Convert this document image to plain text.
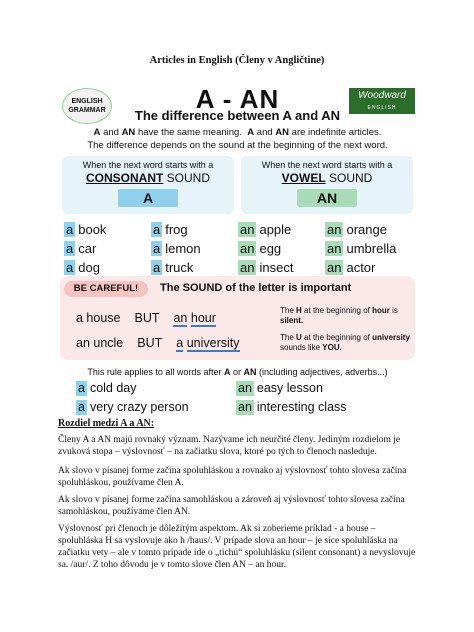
Articles in English (Členy v Angličtine)
A - AN
ENGLISH GRAMMAR
Woodward
ENGLISH
The difference between A and AN
A and AN have the same meaning. A and AN are indefinite articles.
The difference depends on the sound at the beginning of the next word.
When the next word starts with a
CONSONANT SOUND
A
When the next word starts with a
VOWEL SOUND
AN
a book	a frog	an apple	an orange
a car	a lemon	an egg	an umbrella
a dog	a truck	an insect	an actor
BE CAREFUL!	The SOUND of the letter is important
a house BUT an hour
an uncle BUT a university
The H at the beginning of hour is silent.
The U at the beginning of university sounds like YOU.
This rule applies to all words after A or AN (including adjectives, adverbs...)
a cold day	an easy lesson
a very crazy person	an interesting class
Rozdiel medzi A a AN:

Členy A a AN majú rovnaký význam. Nazývame ich neurčité členy. Jediným rozdielom je zvuková stopa – výslovnosť – na začiatku slova, ktoré po tých to členoch nasleduje.

Ak slovo v písanej forme začína spoluhláskou a rovnako aj výslovnosť tohto slovesa začína spoluhláskou, používame člen A.

Ak slovo v písanej forme začína samohláskou a zároveň aj výslovnosť tohto slovesa začína samohláskou, používame člen AN.

Výslovnosť pri členoch je dôležitým aspektom. Ak si zoberieme príklad - a house – spoluhláska H sa vyslovuje ako h /haus/. V prípade slova an hour – je síce spoluhláska na začiatku vety – ale v tomto prípade ide o „tichú“ spoluhlásku (silent consonant) a nevyslovuje sa. /aur/. Z toho dôvodu je v tomto slove člen AN – an hour.
